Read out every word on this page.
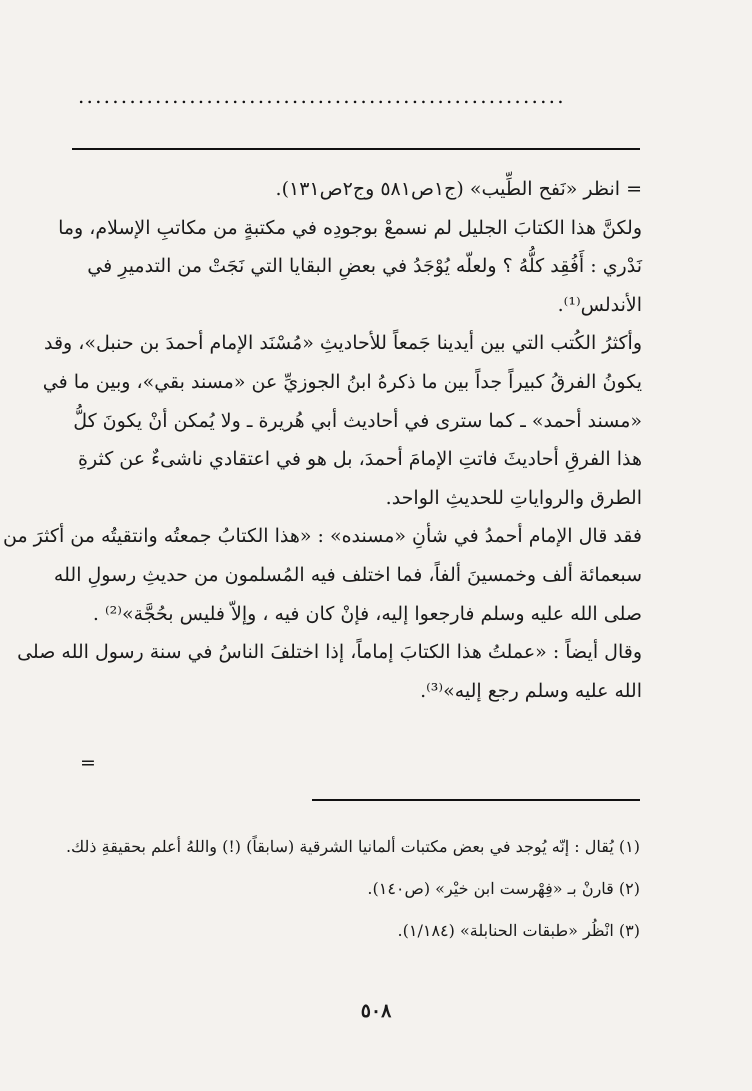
.........................................................
= انظر «نَفح الطِّيب» (ج١ص٥٨١ وج٢ص١٣١).
ولكنَّ هذا الكتابَ الجليل لم نسمعْ بوجودِه في مكتبةٍ من مكاتبِ الإسلام، وما
نَدْري : أَفُقِد كلُّهُ ؟ ولعلّه يُوْجَدُ في بعضِ البقايا التي نَجَتْ من التدميرِ في
الأندلس⁽¹⁾.
وأكثرُ الكُتب التي بين أيدينا جَمعاً للأحاديثِ «مُسْنَد الإمام أحمدَ بن حنبل»، وقد
يكونُ الفرقُ كبيراً جداً بين ما ذكرهُ ابنُ الجوزيِّ عن «مسند بقي»، وبين ما في
«مسند أحمد» ـ كما سترى في أحاديث أبي هُريرة ـ ولا يُمكن أنْ يكونَ كلُّ
هذا الفرقِ أحاديثَ فاتتِ الإمامَ أحمدَ، بل هو في اعتقادي ناشىءٌ عن كثرةِ
الطرق والرواياتِ للحديثِ الواحد.
فقد قال الإمام أحمدُ في شأنِ «مسنده» : «هذا الكتابُ جمعتُه وانتقيتُه من أكثرَ من
سبعمائة ألف وخمسينَ ألفاً، فما اختلف فيه المُسلمون من حديثِ رسولِ الله
صلى الله عليه وسلم فارجعوا إليه، فإنْ كان فيه ، وإلاّ فليس بحُجَّة»⁽²⁾ .
وقال أيضاً : «عملتُ هذا الكتابَ إماماً، إذا اختلفَ الناسُ في سنة رسول الله صلى
الله عليه وسلم رجع إليه»⁽³⁾.
=
(١) يُقال : إنّه يُوجد في بعض مكتبات ألمانيا الشرقية (سابقاً) (!) واللهُ أعلم بحقيقةِ ذلك.
(٢) قارنْ بـ «فِهْرست ابن خيْر» (ص١٤٠).
(٣) انْظُر «طبقات الحنابلة» (١/١٨٤).
٥٠٨
